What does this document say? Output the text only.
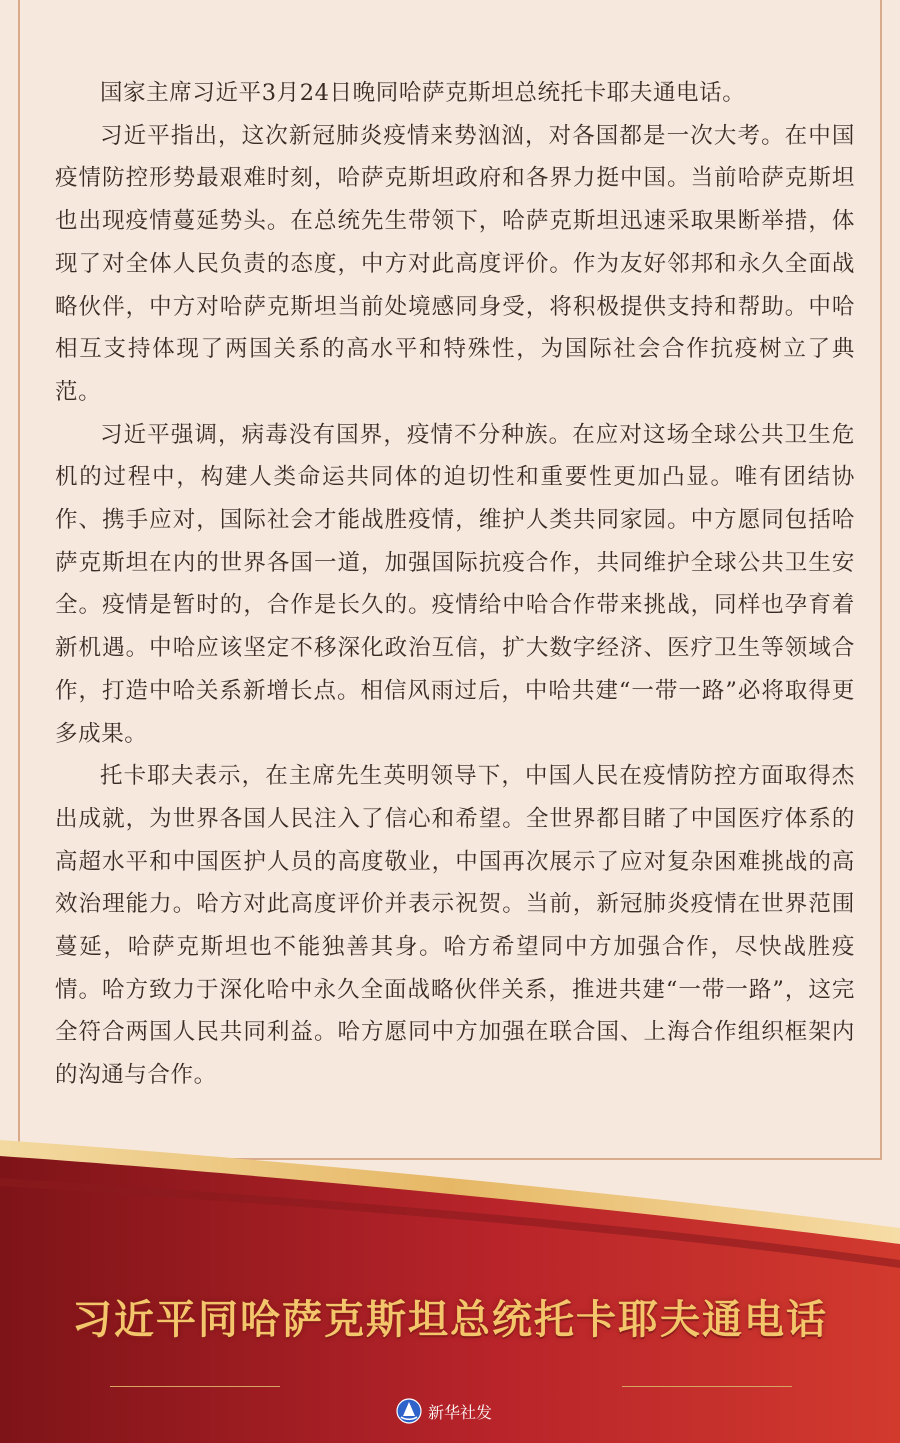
国家主席习近平3月24日晚同哈萨克斯坦总统托卡耶夫通电话。

习近平指出，这次新冠肺炎疫情来势汹汹，对各国都是一次大考。在中国疫情防控形势最艰难时刻，哈萨克斯坦政府和各界力挺中国。当前哈萨克斯坦也出现疫情蔓延势头。在总统先生带领下，哈萨克斯坦迅速采取果断举措，体现了对全体人民负责的态度，中方对此高度评价。作为友好邻邦和永久全面战略伙伴，中方对哈萨克斯坦当前处境感同身受，将积极提供支持和帮助。中哈相互支持体现了两国关系的高水平和特殊性，为国际社会合作抗疫树立了典范。

习近平强调，病毒没有国界，疫情不分种族。在应对这场全球公共卫生危机的过程中，构建人类命运共同体的迫切性和重要性更加凸显。唯有团结协作、携手应对，国际社会才能战胜疫情，维护人类共同家园。中方愿同包括哈萨克斯坦在内的世界各国一道，加强国际抗疫合作，共同维护全球公共卫生安全。疫情是暂时的，合作是长久的。疫情给中哈合作带来挑战，同样也孕育着新机遇。中哈应该坚定不移深化政治互信，扩大数字经济、医疗卫生等领域合作，打造中哈关系新增长点。相信风雨过后，中哈共建“一带一路”必将取得更多成果。

托卡耶夫表示，在主席先生英明领导下，中国人民在疫情防控方面取得杰出成就，为世界各国人民注入了信心和希望。全世界都目睹了中国医疗体系的高超水平和中国医护人员的高度敬业，中国再次展示了应对复杂困难挑战的高效治理能力。哈方对此高度评价并表示祝贺。当前，新冠肺炎疫情在世界范围蔓延，哈萨克斯坦也不能独善其身。哈方希望同中方加强合作，尽快战胜疫情。哈方致力于深化哈中永久全面战略伙伴关系，推进共建“一带一路”，这完全符合两国人民共同利益。哈方愿同中方加强在联合国、上海合作组织框架内的沟通与合作。

习近平同哈萨克斯坦总统托卡耶夫通电话
新华社发
